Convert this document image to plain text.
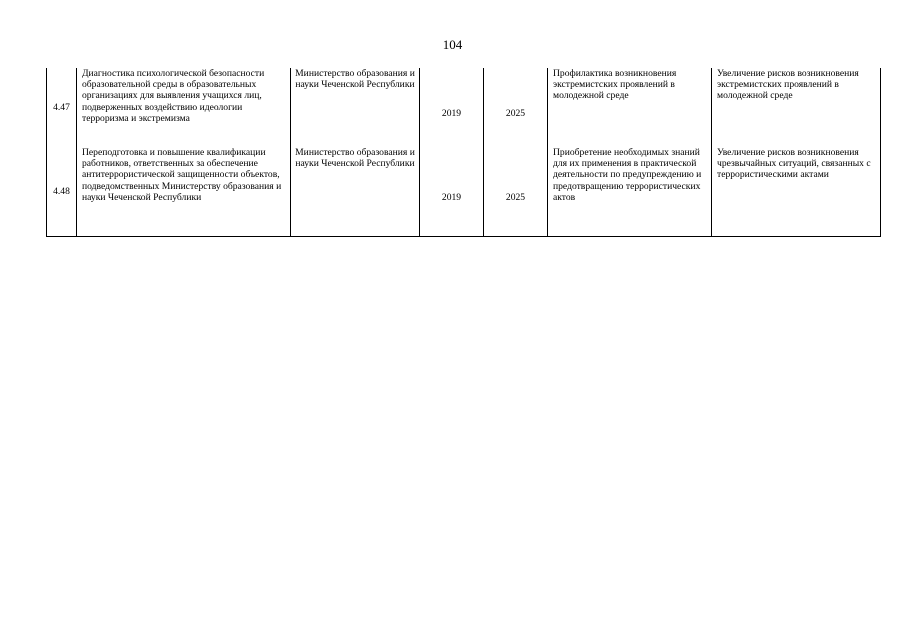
104
4.47	Диагностика психологической безопасности образовательной среды в образовательных организациях для выявления учащихся лиц, подверженных воздействию идеологии терроризма и экстремизма	Министерство образования и науки Чеченской Республики	2019	2025	Профилактика возникновения экстремистских проявлений в молодежной среде	Увеличение рисков возникновения экстремистских проявлений в молодежной среде
4.48	Переподготовка и повышение квалификации работников, ответственных за обеспечение антитеррористической защищенности объектов, подведомственных Министерству образования и науки Чеченской Республики	Министерство образования и науки Чеченской Республики	2019	2025	Приобретение необходимых знаний для их применения в практической деятельности по предупреждению и предотвращению террористических актов	Увеличение рисков возникновения чрезвычайных ситуаций, связанных с террористическими актами
